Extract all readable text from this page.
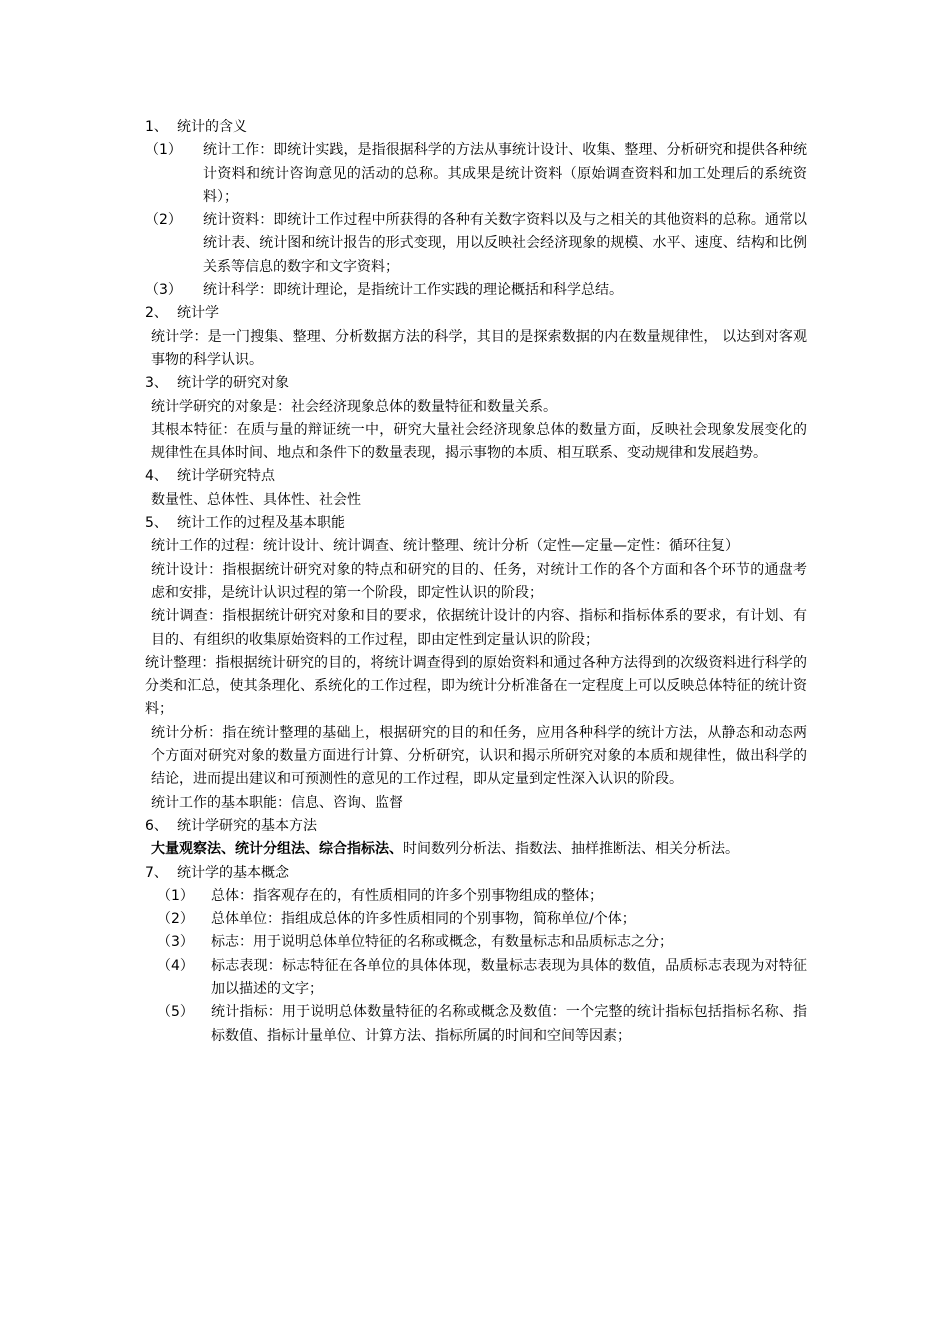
1、 统计的含义
（1）	统计工作：即统计实践，是指很据科学的方法从事统计设计、收集、整理、分析研究和提供各种统计资料和统计咨询意见的活动的总称。其成果是统计资料（原始调查资料和加工处理后的系统资料）；
（2）	统计资料：即统计工作过程中所获得的各种有关数字资料以及与之相关的其他资料的总称。通常以统计表、统计图和统计报告的形式变现，用以反映社会经济现象的规模、水平、速度、结构和比例关系等信息的数字和文字资料；
（3）	统计科学：即统计理论，是指统计工作实践的理论概括和科学总结。
2、 统计学

统计学：是一门搜集、整理、分析数据方法的科学，其目的是探索数据的内在数量规律性， 以达到对客观事物的科学认识。

3、 统计学的研究对象

统计学研究的对象是：社会经济现象总体的数量特征和数量关系。

其根本特征：在质与量的辩证统一中，研究大量社会经济现象总体的数量方面，反映社会现象发展变化的规律性在具体时间、地点和条件下的数量表现，揭示事物的本质、相互联系、变动规律和发展趋势。

4、 统计学研究特点

数量性、总体性、具体性、社会性

5、 统计工作的过程及基本职能

统计工作的过程：统计设计、统计调查、统计整理、统计分析（定性—定量—定性：循环往复）

统计设计：指根据统计研究对象的特点和研究的目的、任务，对统计工作的各个方面和各个环节的通盘考虑和安排，是统计认识过程的第一个阶段，即定性认识的阶段；

统计调查：指根据统计研究对象和目的要求，依据统计设计的内容、指标和指标体系的要求，有计划、有目的、有组织的收集原始资料的工作过程，即由定性到定量认识的阶段；

统计整理：指根据统计研究的目的，将统计调查得到的原始资料和通过各种方法得到的次级资料进行科学的分类和汇总，使其条理化、系统化的工作过程，即为统计分析准备在一定程度上可以反映总体特征的统计资料；

统计分析：指在统计整理的基础上，根据研究的目的和任务，应用各种科学的统计方法，从静态和动态两个方面对研究对象的数量方面进行计算、分析研究，认识和揭示所研究对象的本质和规律性，做出科学的结论，进而提出建议和可预测性的意见的工作过程，即从定量到定性深入认识的阶段。

统计工作的基本职能：信息、咨询、监督

6、 统计学研究的基本方法

大量观察法、统计分组法、综合指标法、时间数列分析法、指数法、抽样推断法、相关分析法。

7、 统计学的基本概念
（1）	总体：指客观存在的，有性质相同的许多个别事物组成的整体；
（2）	总体单位：指组成总体的许多性质相同的个别事物，简称单位/个体；
（3）	标志：用于说明总体单位特征的名称或概念，有数量标志和品质标志之分；
（4）	标志表现：标志特征在各单位的具体体现，数量标志表现为具体的数值，品质标志表现为对特征加以描述的文字；
（5）	统计指标：用于说明总体数量特征的名称或概念及数值：一个完整的统计指标包括指标名称、指标数值、指标计量单位、计算方法、指标所属的时间和空间等因素；
